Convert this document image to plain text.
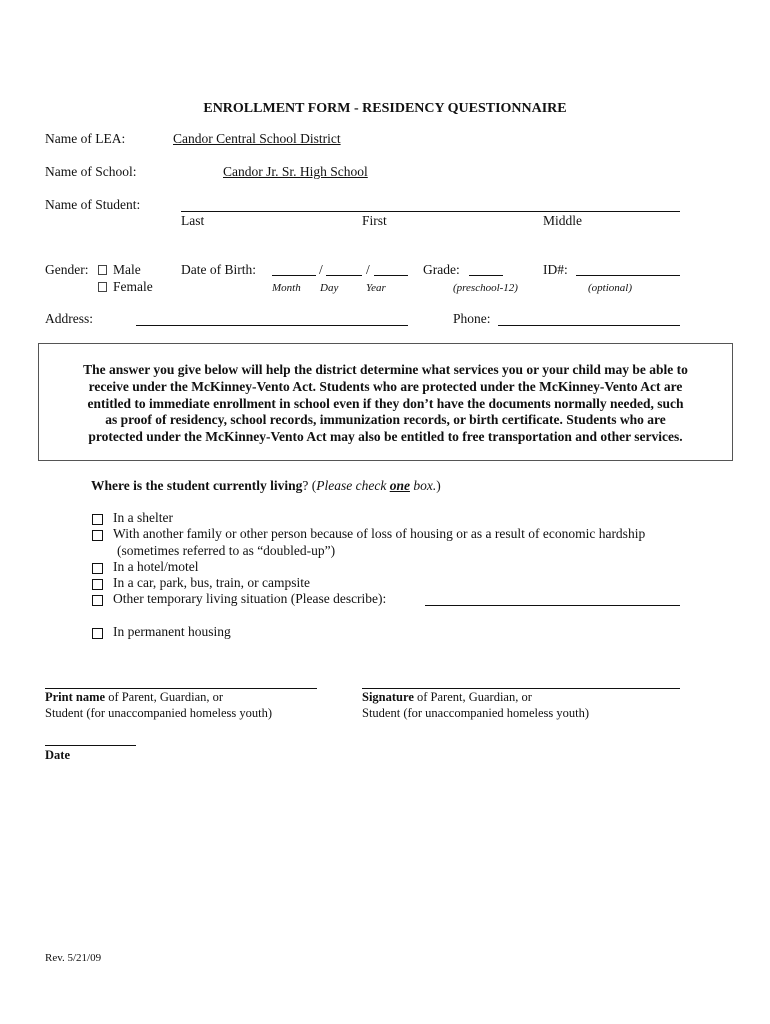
ENROLLMENT FORM - RESIDENCY QUESTIONNAIRE
Name of LEA:	Candor Central School District
Name of School:	Candor Jr. Sr. High School
Name of Student:
Last	First	Middle
Gender:	Male
Female
Date of Birth:	/	/
Month Day	Year
Grade:
(preschool-12)
ID#:
(optional)
Address:	Phone:
The answer you give below will help the district determine what services you or your child may be able to
receive under the McKinney-Vento Act. Students who are protected under the McKinney-Vento Act are
entitled to immediate enrollment in school even if they don’t have the documents normally needed, such
as proof of residency, school records, immunization records, or birth certificate. Students who are
protected under the McKinney-Vento Act may also be entitled to free transportation and other services.
Where is the student currently living? (Please check one box.)
In a shelter
With another family or other person because of loss of housing or as a result of economic hardship
(sometimes referred to as “doubled-up”)
In a hotel/motel
In a car, park, bus, train, or campsite
Other temporary living situation (Please describe):
In permanent housing
Print name of Parent, Guardian, or
Student (for unaccompanied homeless youth)
Signature of Parent, Guardian, or
Student (for unaccompanied homeless youth)
Date
Rev. 5/21/09
